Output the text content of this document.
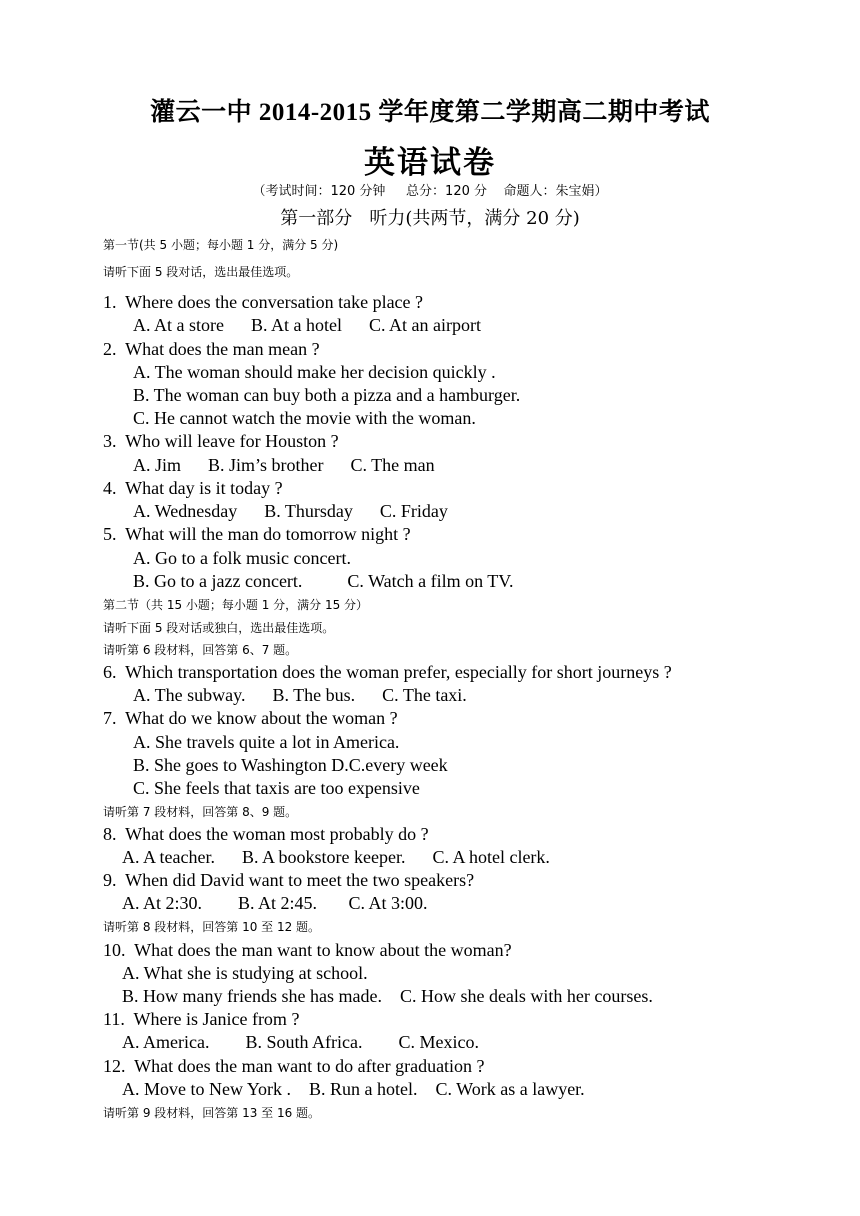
灌云一中 2014-2015 学年度第二学期高二期中考试
英语试卷
（考试时间：120 分钟     总分：120 分    命题人：朱宝娟）
第一部分   听力(共两节，满分 20 分)
第一节(共 5 小题；每小题 1 分，满分 5 分)
请听下面 5 段对话，选出最佳选项。
1.  Where does the conversation take place ?
A. At a store      B. At a hotel      C. At an airport
2.  What does the man mean ?
A. The woman should make her decision quickly .
B. The woman can buy both a pizza and a hamburger.
C. He cannot watch the movie with the woman.
3.  Who will leave for Houston ?
A. Jim      B. Jim’s brother      C. The man
4.  What day is it today ?
A. Wednesday      B. Thursday      C. Friday
5.  What will the man do tomorrow night ?
A. Go to a folk music concert.
B. Go to a jazz concert.          C. Watch a film on TV.
第二节（共 15 小题；每小题 1 分，满分 15 分）
请听下面 5 段对话或独白，选出最佳选项。
请听第 6 段材料，回答第 6、7 题。
6.  Which transportation does the woman prefer, especially for short journeys ?
A. The subway.      B. The bus.      C. The taxi.
7.  What do we know about the woman ?
A. She travels quite a lot in America.
B. She goes to Washington D.C.every week
C. She feels that taxis are too expensive
请听第 7 段材料，回答第 8、9 题。
8.  What does the woman most probably do ?
A. A teacher.      B. A bookstore keeper.      C. A hotel clerk.
9.  When did David want to meet the two speakers?
A. At 2:30.        B. At 2:45.       C. At 3:00.
请听第 8 段材料，回答第 10 至 12 题。
10.  What does the man want to know about the woman?
A. What she is studying at school.
B. How many friends she has made.    C. How she deals with her courses.
11.  Where is Janice from ?
A. America.        B. South Africa.        C. Mexico.
12.  What does the man want to do after graduation ?
A. Move to New York .    B. Run a hotel.    C. Work as a lawyer.
请听第 9 段材料，回答第 13 至 16 题。
